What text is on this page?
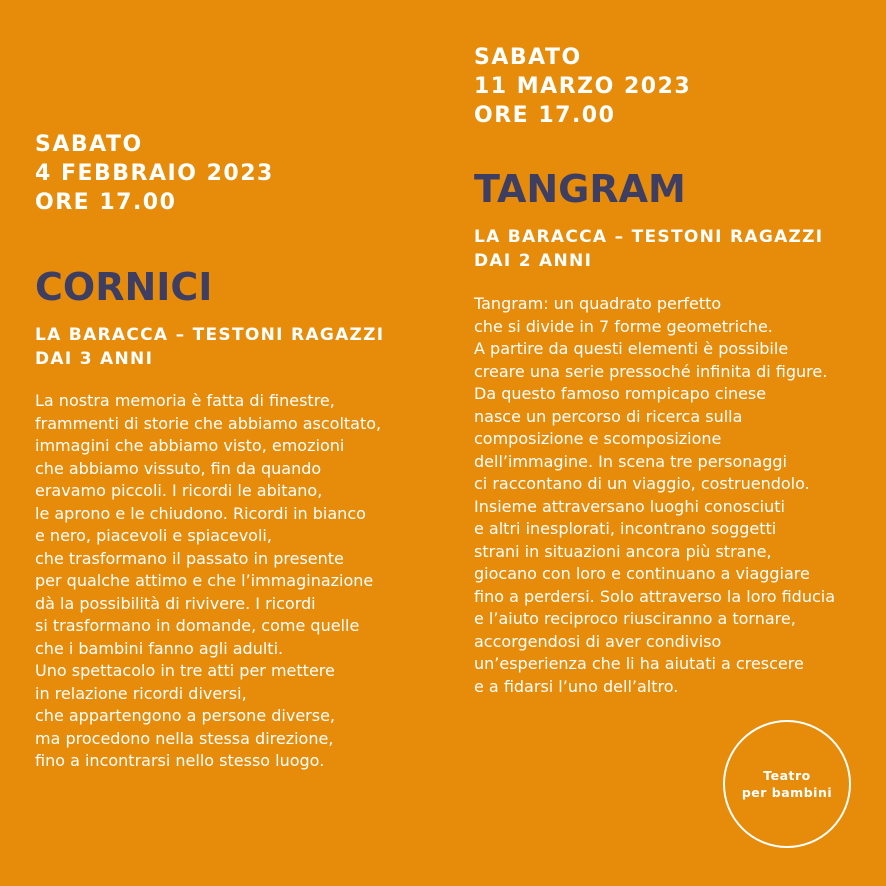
SABATO
4 FEBBRAIO 2023
ORE 17.00
CORNICI
LA BARACCA – TESTONI RAGAZZI
DAI 3 ANNI
La nostra memoria è fatta di finestre,
frammenti di storie che abbiamo ascoltato,
immagini che abbiamo visto, emozioni
che abbiamo vissuto, fin da quando
eravamo piccoli. I ricordi le abitano,
le aprono e le chiudono. Ricordi in bianco
e nero, piacevoli e spiacevoli,
che trasformano il passato in presente
per qualche attimo e che l’immaginazione
dà la possibilità di rivivere. I ricordi
si trasformano in domande, come quelle
che i bambini fanno agli adulti.
Uno spettacolo in tre atti per mettere
in relazione ricordi diversi,
che appartengono a persone diverse,
ma procedono nella stessa direzione,
fino a incontrarsi nello stesso luogo.
SABATO
11 MARZO 2023
ORE 17.00
TANGRAM
LA BARACCA – TESTONI RAGAZZI
DAI 2 ANNI
Tangram: un quadrato perfetto
che si divide in 7 forme geometriche.
A partire da questi elementi è possibile
creare una serie pressoché infinita di figure.
Da questo famoso rompicapo cinese
nasce un percorso di ricerca sulla
composizione e scomposizione
dell’immagine. In scena tre personaggi
ci raccontano di un viaggio, costruendolo.
Insieme attraversano luoghi conosciuti
e altri inesplorati, incontrano soggetti
strani in situazioni ancora più strane,
giocano con loro e continuano a viaggiare
fino a perdersi. Solo attraverso la loro fiducia
e l’aiuto reciproco riusciranno a tornare,
accorgendosi di aver condiviso
un’esperienza che li ha aiutati a crescere
e a fidarsi l’uno dell’altro.
Teatro
per bambini
